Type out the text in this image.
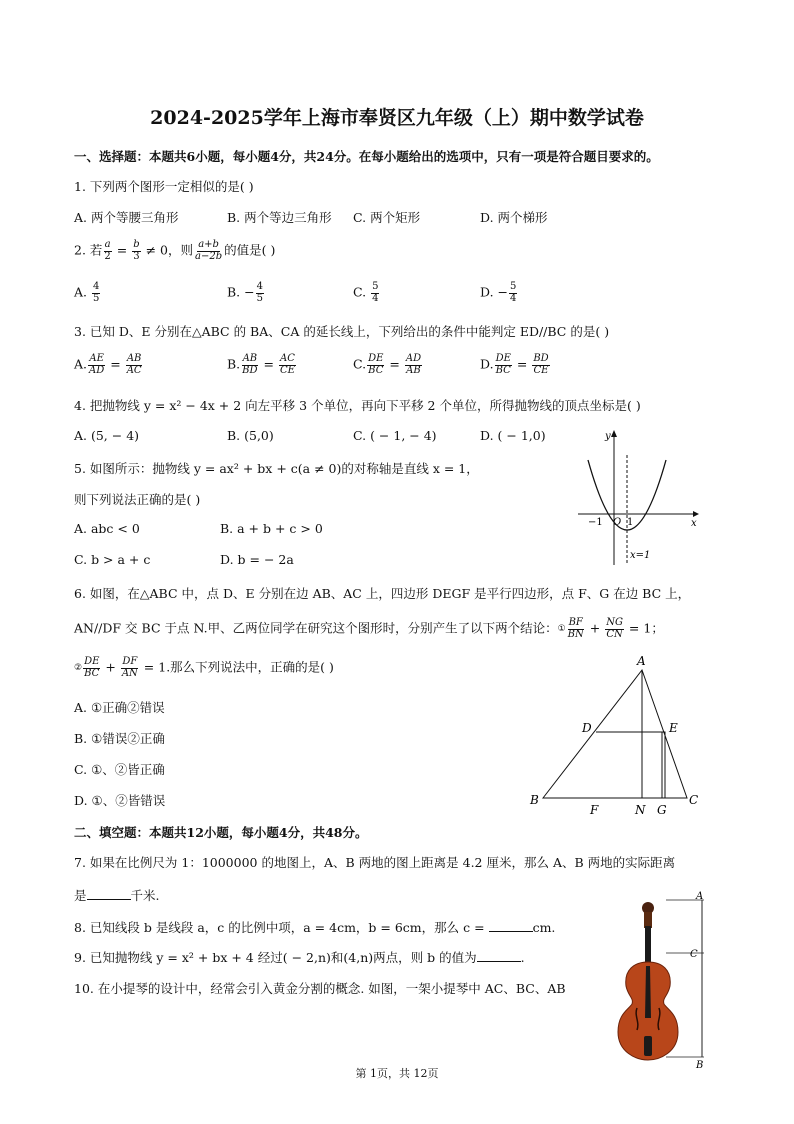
2024-2025学年上海市奉贤区九年级（上）期中数学试卷
一、选择题：本题共6小题，每小题4分，共24分。在每小题给出的选项中，只有一项是符合题目要求的。
1. 下列两个图形一定相似的是( )
A. 两个等腰三角形	B. 两个等边三角形 C. 两个矩形	D. 两个梯形
2. 若 $\frac{a}{2} = \frac{b}{3} \ne 0$，则 $\frac{a+b}{a-2b}$ 的值是( )
A. $\frac{4}{5}$	B. − $\frac{4}{5}$	C. $\frac{5}{4}$	D. − $\frac{5}{4}$
3. 已知 D、E 分别在△ABC 的 BA、CA 的延长线上，下列给出的条件中能判定 ED//BC 的是( )
A. $\frac{AE}{AD} = \frac{AB}{AC}$	B. $\frac{AB}{BD} = \frac{AC}{CE}$	C. $\frac{DE}{BC} = \frac{AD}{AB}$	D. $\frac{DE}{BC} = \frac{BD}{CE}$
4. 把抛物线 y = x² − 4x + 2 向左平移 3 个单位，再向下平移 2 个单位，所得抛物线的顶点坐标是( )
A. (5, − 4)	B. (5,0)	C. ( − 1, − 4)	D. ( − 1,0)
5. 如图所示：抛物线 y = ax² + bx + c(a ≠ 0)的对称轴是直线 x = 1，
则下列说法正确的是( )
A. abc < 0	B. a + b + c > 0
C. b > a + c	D. b = − 2a
y
x
O
−1 1
x=1
6. 如图，在△ABC 中，点 D、E 分别在边 AB、AC 上，四边形 DEGF 是平行四边形，点 F、G 在边 BC 上，
AN//DF 交 BC 于点 N.甲、乙两位同学在研究这个图形时，分别产生了以下两个结论：① $\frac{BF}{BN} + \frac{NG}{CN} = 1$；
② $\frac{DE}{BC} + \frac{DF}{AN} = 1$.那么下列说法中，正确的是( )
A. ①正确②错误
B. ①错误②正确
C. ①、②皆正确
D. ①、②皆错误
A
D	E
B
F	N G
C
二、填空题：本题共12小题，每小题4分，共48分。
7. 如果在比例尺为 1：1000000 的地图上，A、B 两地的图上距离是 4.2 厘米，那么 A、B 两地的实际距离
是	千米.
8. 已知线段 b 是线段 a，c 的比例中项，a = 4cm，b = 6cm，那么 c =	cm.
9. 已知抛物线 y = x² + bx + 4 经过( − 2,n)和(4,n)两点，则 b 的值为	.
10. 在小提琴的设计中，经常会引入黄金分割的概念. 如图，一架小提琴中 AC、BC、AB
A
C
B
第 1页，共 12页
